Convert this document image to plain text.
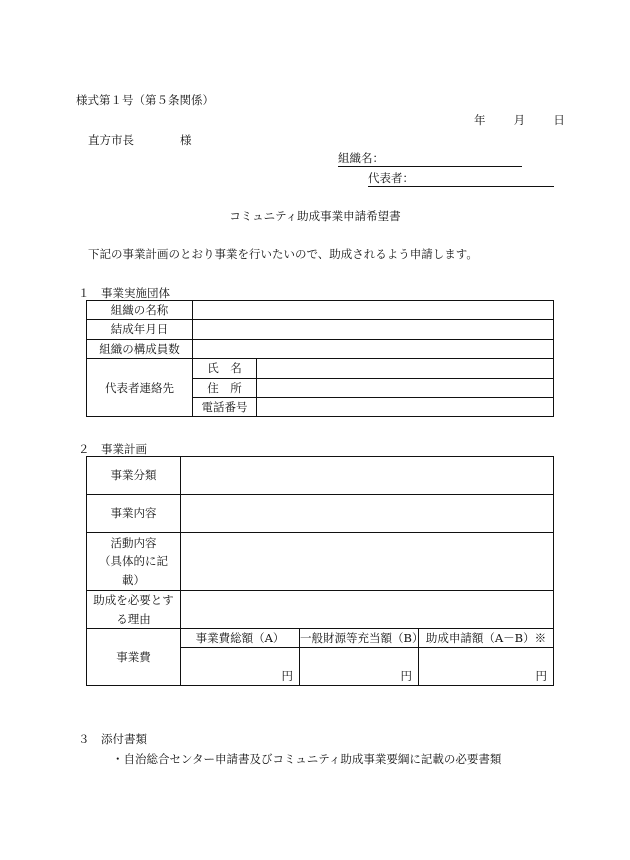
様式第１号（第５条関係）
年 月 日
直方市長	様
組織名：
代表者：
コミュニティ助成事業申請希望書
下記の事業計画のとおり事業を行いたいので、助成されるよう申請します。
１　事業実施団体
組織の名称		
結成年月日		
組織の構成員数		
代表者連絡先	氏　名	
	住　所	
	電話番号	
２　事業計画
事業分類			
事業内容			

活動内容
（具体的に記
載）			

助成を必要とす
る理由			

事業費	事業費総額（A）	一般財源等充当額（B）	助成申請額（A－B）※
	円	円	円
３　添付書類
・自治総合センター申請書及びコミュニティ助成事業要綱に記載の必要書類
